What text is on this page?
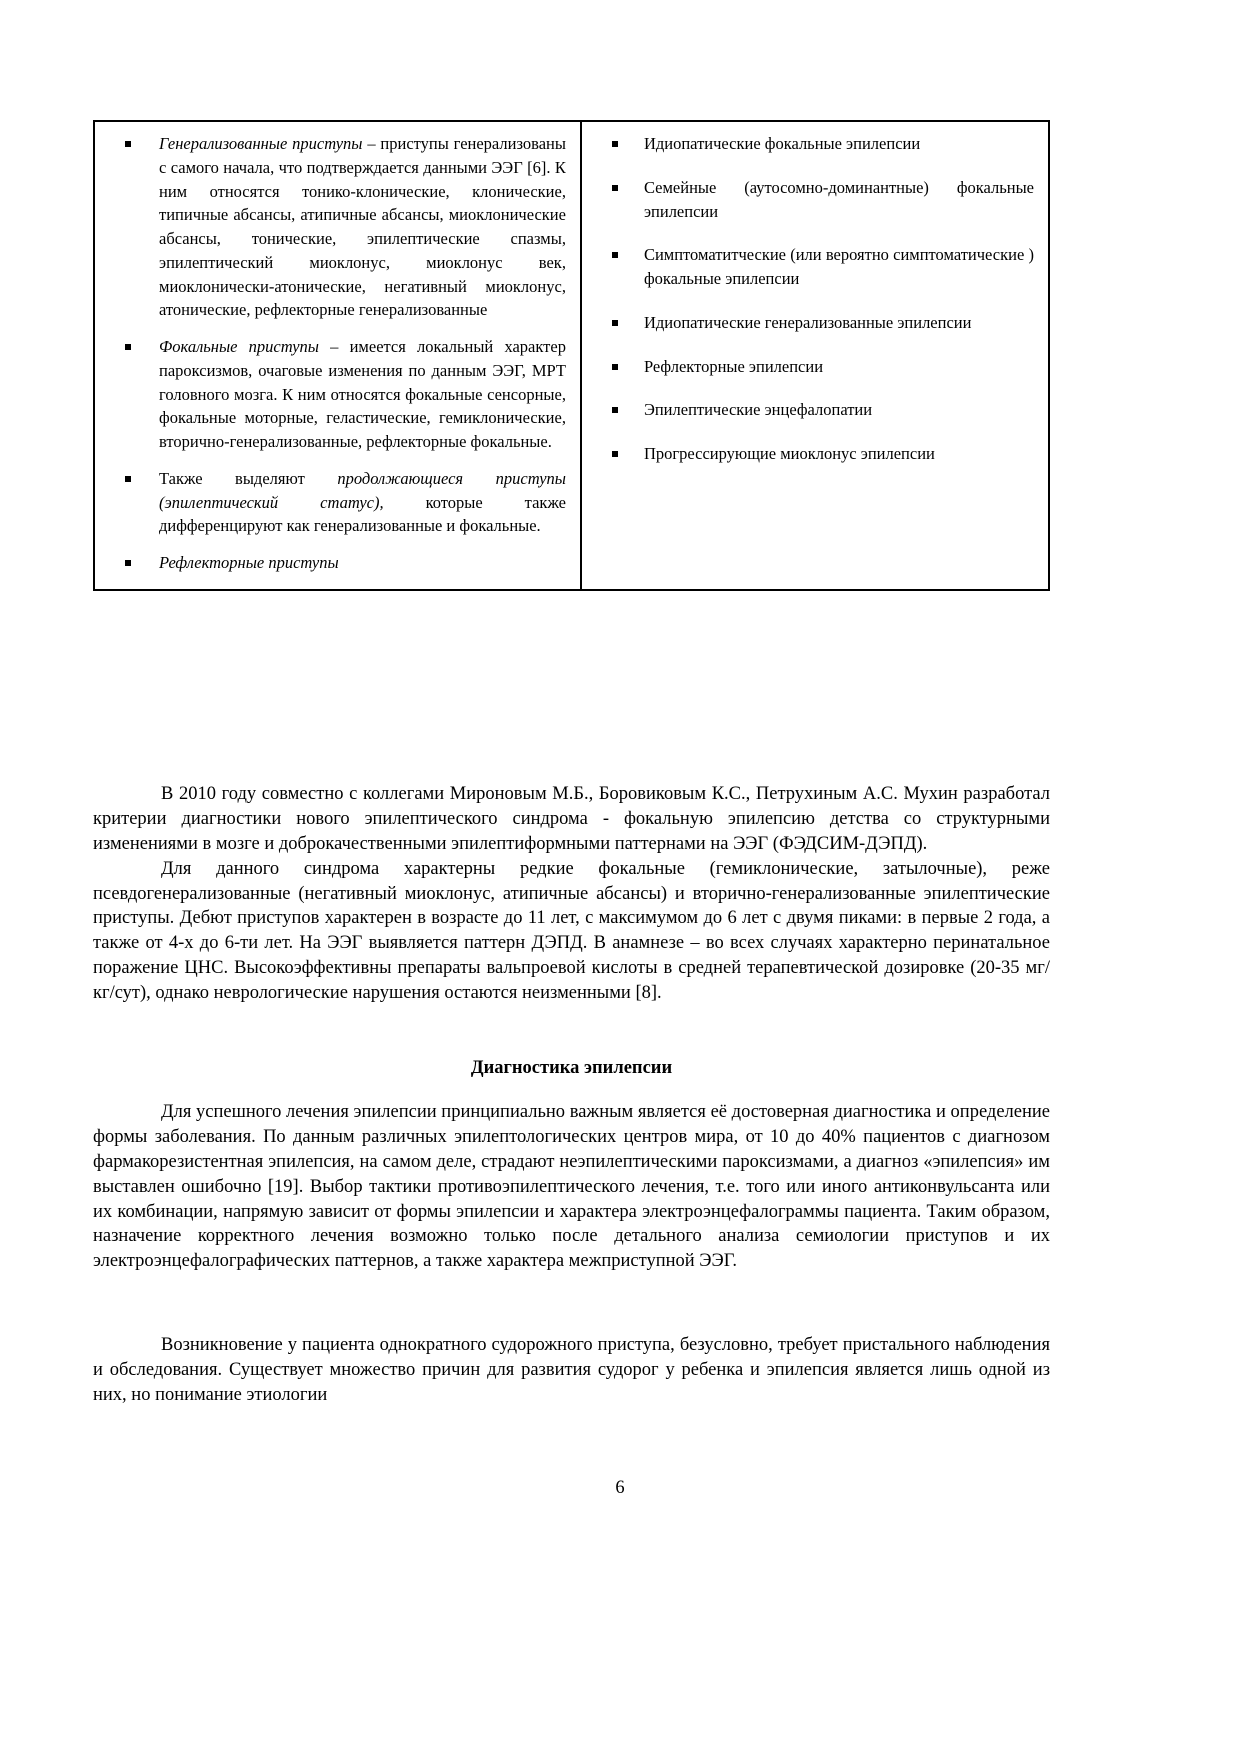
Генерализованные приступы – приступы генерализованы с самого начала, что подтверждается данными ЭЭГ [6]. К ним относятся тонико-клонические, клонические, типичные абсансы, атипичные абсансы, миоклонические абсансы, тонические, эпилептические спазмы, эпилептический миоклонус, миоклонус век, миоклонически-атонические, негативный миоклонус, атонические, рефлекторные генерализованные
Фокальные приступы – имеется локальный характер пароксизмов, очаговые изменения по данным ЭЭГ, МРТ головного мозга. К ним относятся фокальные сенсорные, фокальные моторные, геластические, гемиклонические, вторично-генерализованные, рефлекторные фокальные.
Также выделяют продолжающиеся приступы (эпилептический статус), которые также дифференцируют как генерализованные и фокальные.
Рефлекторные приступы
Идиопатические фокальные эпилепсии
Семейные (аутосомно-доминантные) фокальные эпилепсии
Симптоматитческие (или вероятно симптоматические ) фокальные эпилепсии
Идиопатические генерализованные эпилепсии
Рефлекторные эпилепсии
Эпилептические энцефалопатии
Прогрессирующие миоклонус эпилепсии

В 2010 году совместно с коллегами Мироновым М.Б., Боровиковым К.С., Петрухиным А.С. Мухин разработал критерии диагностики нового эпилептического синдрома - фокальную эпилепсию детства со структурными изменениями в мозге и доброкачественными эпилептиформными паттернами на ЭЭГ (ФЭДСИМ-ДЭПД).

Для данного синдрома характерны редкие фокальные (гемиклонические, затылочные), реже псевдогенерализованные (негативный миоклонус, атипичные абсансы) и вторично-генерализованные эпилептические приступы. Дебют приступов характерен в возрасте до 11 лет, с максимумом до 6 лет с двумя пиками: в первые 2 года, а также от 4-х до 6-ти лет. На ЭЭГ выявляется паттерн ДЭПД. В анамнезе – во всех случаях характерно перинатальное поражение ЦНС. Высокоэффективны препараты вальпроевой кислоты в средней терапевтической дозировке (20-35 мг/кг/сут), однако неврологические нарушения остаются неизменными [8].

Диагностика эпилепсии

Для успешного лечения эпилепсии принципиально важным является её достоверная диагностика и определение формы заболевания. По данным различных эпилептологических центров мира, от 10 до 40% пациентов с диагнозом фармакорезистентная эпилепсия, на самом деле, страдают неэпилептическими пароксизмами, а диагноз «эпилепсия» им выставлен ошибочно [19]. Выбор тактики противоэпилептического лечения, т.е. того или иного антиконвульсанта или их комбинации, напрямую зависит от формы эпилепсии и характера электроэнцефалограммы пациента. Таким образом, назначение корректного лечения возможно только после детального анализа семиологии приступов и их электроэнцефалографических паттернов, а также характера межприступной ЭЭГ.

Возникновение у пациента однократного судорожного приступа, безусловно, требует пристального наблюдения и обследования. Существует множество причин для развития судорог у ребенка и эпилепсия является лишь одной из них, но понимание этиологии

6
